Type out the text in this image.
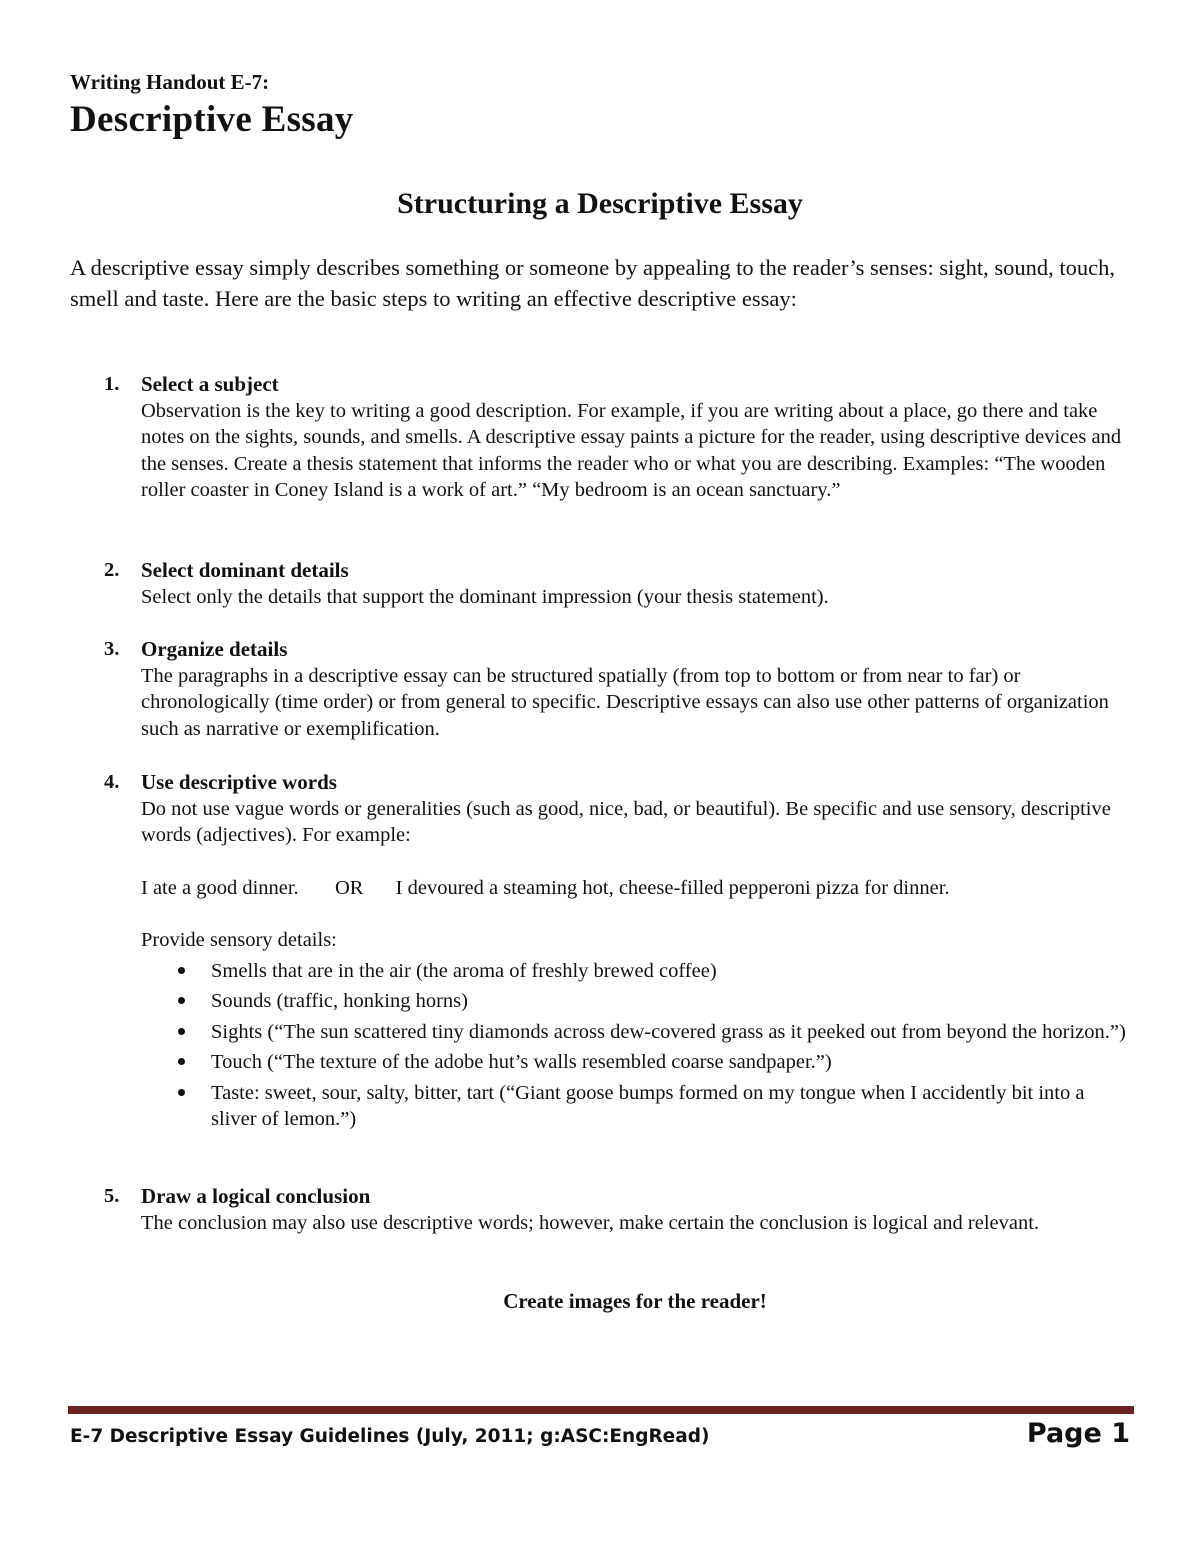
Writing Handout E-7:
Descriptive Essay
Structuring a Descriptive Essay

A descriptive essay simply describes something or someone by appealing to the reader’s senses: sight, sound, touch, smell and taste. Here are the basic steps to writing an effective descriptive essay:

1. Select a subject

Observation is the key to writing a good description. For example, if you are writing about a place, go there and take notes on the sights, sounds, and smells. A descriptive essay paints a picture for the reader, using descriptive devices and the senses. Create a thesis statement that informs the reader who or what you are describing. Examples: “The wooden roller coaster in Coney Island is a work of art.” “My bedroom is an ocean sanctuary.”

2. Select dominant details

Select only the details that support the dominant impression (your thesis statement).

3. Organize details

The paragraphs in a descriptive essay can be structured spatially (from top to bottom or from near to far) or chronologically (time order) or from general to specific. Descriptive essays can also use other patterns of organization such as narrative or exemplification.

4. Use descriptive words

Do not use vague words or generalities (such as good, nice, bad, or beautiful). Be specific and use sensory, descriptive words (adjectives). For example:

I ate a good dinner. OR I devoured a steaming hot, cheese-filled pepperoni pizza for dinner.

Provide sensory details:

Smells that are in the air (the aroma of freshly brewed coffee)
Sounds (traffic, honking horns)
Sights (“The sun scattered tiny diamonds across dew-covered grass as it peeked out from beyond the horizon.”)
Touch (“The texture of the adobe hut’s walls resembled coarse sandpaper.”)
Taste: sweet, sour, salty, bitter, tart (“Giant goose bumps formed on my tongue when I accidently bit into a sliver of lemon.”)
5. Draw a logical conclusion

The conclusion may also use descriptive words; however, make certain the conclusion is logical and relevant.

Create images for the reader!
E-7 Descriptive Essay Guidelines (July, 2011; g:ASC:EngRead)	Page 1
